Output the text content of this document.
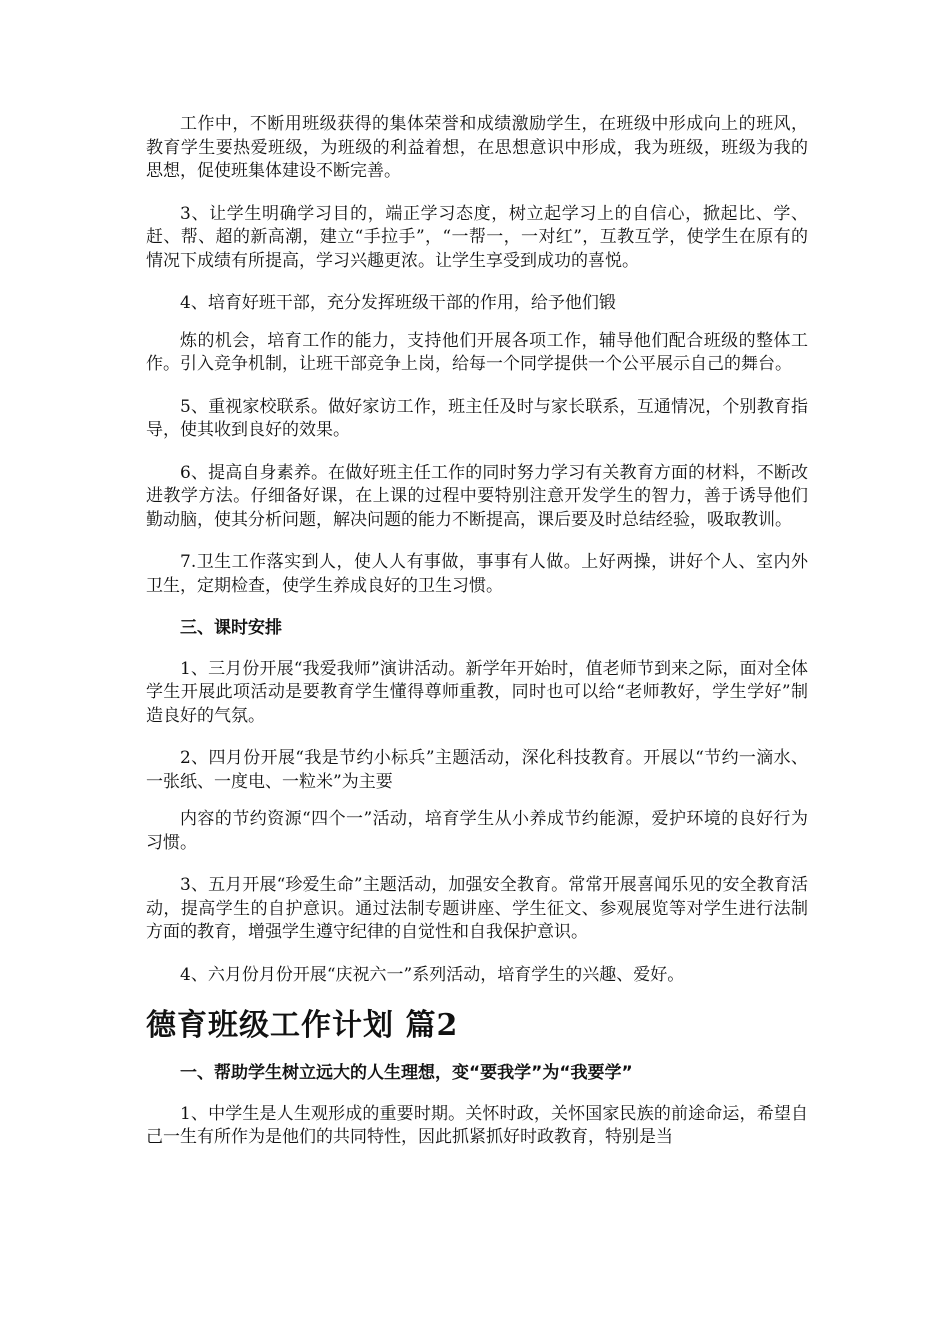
工作中，不断用班级获得的集体荣誉和成绩激励学生，在班级中形成向上的班风，教育学生要热爱班级，为班级的利益着想，在思想意识中形成，我为班级，班级为我的思想，促使班集体建设不断完善。

3、让学生明确学习目的，端正学习态度，树立起学习上的自信心，掀起比、学、赶、帮、超的新高潮，建立“手拉手”，“一帮一，一对红”，互教互学，使学生在原有的情况下成绩有所提高，学习兴趣更浓。让学生享受到成功的喜悦。

4、培育好班干部，充分发挥班级干部的作用，给予他们锻

炼的机会，培育工作的能力，支持他们开展各项工作，辅导他们配合班级的整体工作。引入竞争机制，让班干部竞争上岗，给每一个同学提供一个公平展示自己的舞台。

5、重视家校联系。做好家访工作，班主任及时与家长联系，互通情况，个别教育指导，使其收到良好的效果。

6、提高自身素养。在做好班主任工作的同时努力学习有关教育方面的材料，不断改进教学方法。仔细备好课，在上课的过程中要特别注意开发学生的智力，善于诱导他们勤动脑，使其分析问题，解决问题的能力不断提高，课后要及时总结经验，吸取教训。

7.卫生工作落实到人，使人人有事做，事事有人做。上好两操，讲好个人、室内外卫生，定期检查，使学生养成良好的卫生习惯。

三、课时安排

1、三月份开展“我爱我师”演讲活动。新学年开始时，值老师节到来之际，面对全体学生开展此项活动是要教育学生懂得尊师重教，同时也可以给“老师教好，学生学好”制造良好的气氛。

2、四月份开展“我是节约小标兵”主题活动，深化科技教育。开展以“节约一滴水、一张纸、一度电、一粒米”为主要

内容的节约资源“四个一”活动，培育学生从小养成节约能源，爱护环境的良好行为习惯。

3、五月开展“珍爱生命”主题活动，加强安全教育。常常开展喜闻乐见的安全教育活动，提高学生的自护意识。通过法制专题讲座、学生征文、参观展览等对学生进行法制方面的教育，增强学生遵守纪律的自觉性和自我保护意识。

4、六月份月份开展“庆祝六一”系列活动，培育学生的兴趣、爱好。

德育班级工作计划 篇2

一、帮助学生树立远大的人生理想，变“要我学”为“我要学”

1、中学生是人生观形成的重要时期。关怀时政，关怀国家民族的前途命运，希望自己一生有所作为是他们的共同特性，因此抓紧抓好时政教育，特别是当
